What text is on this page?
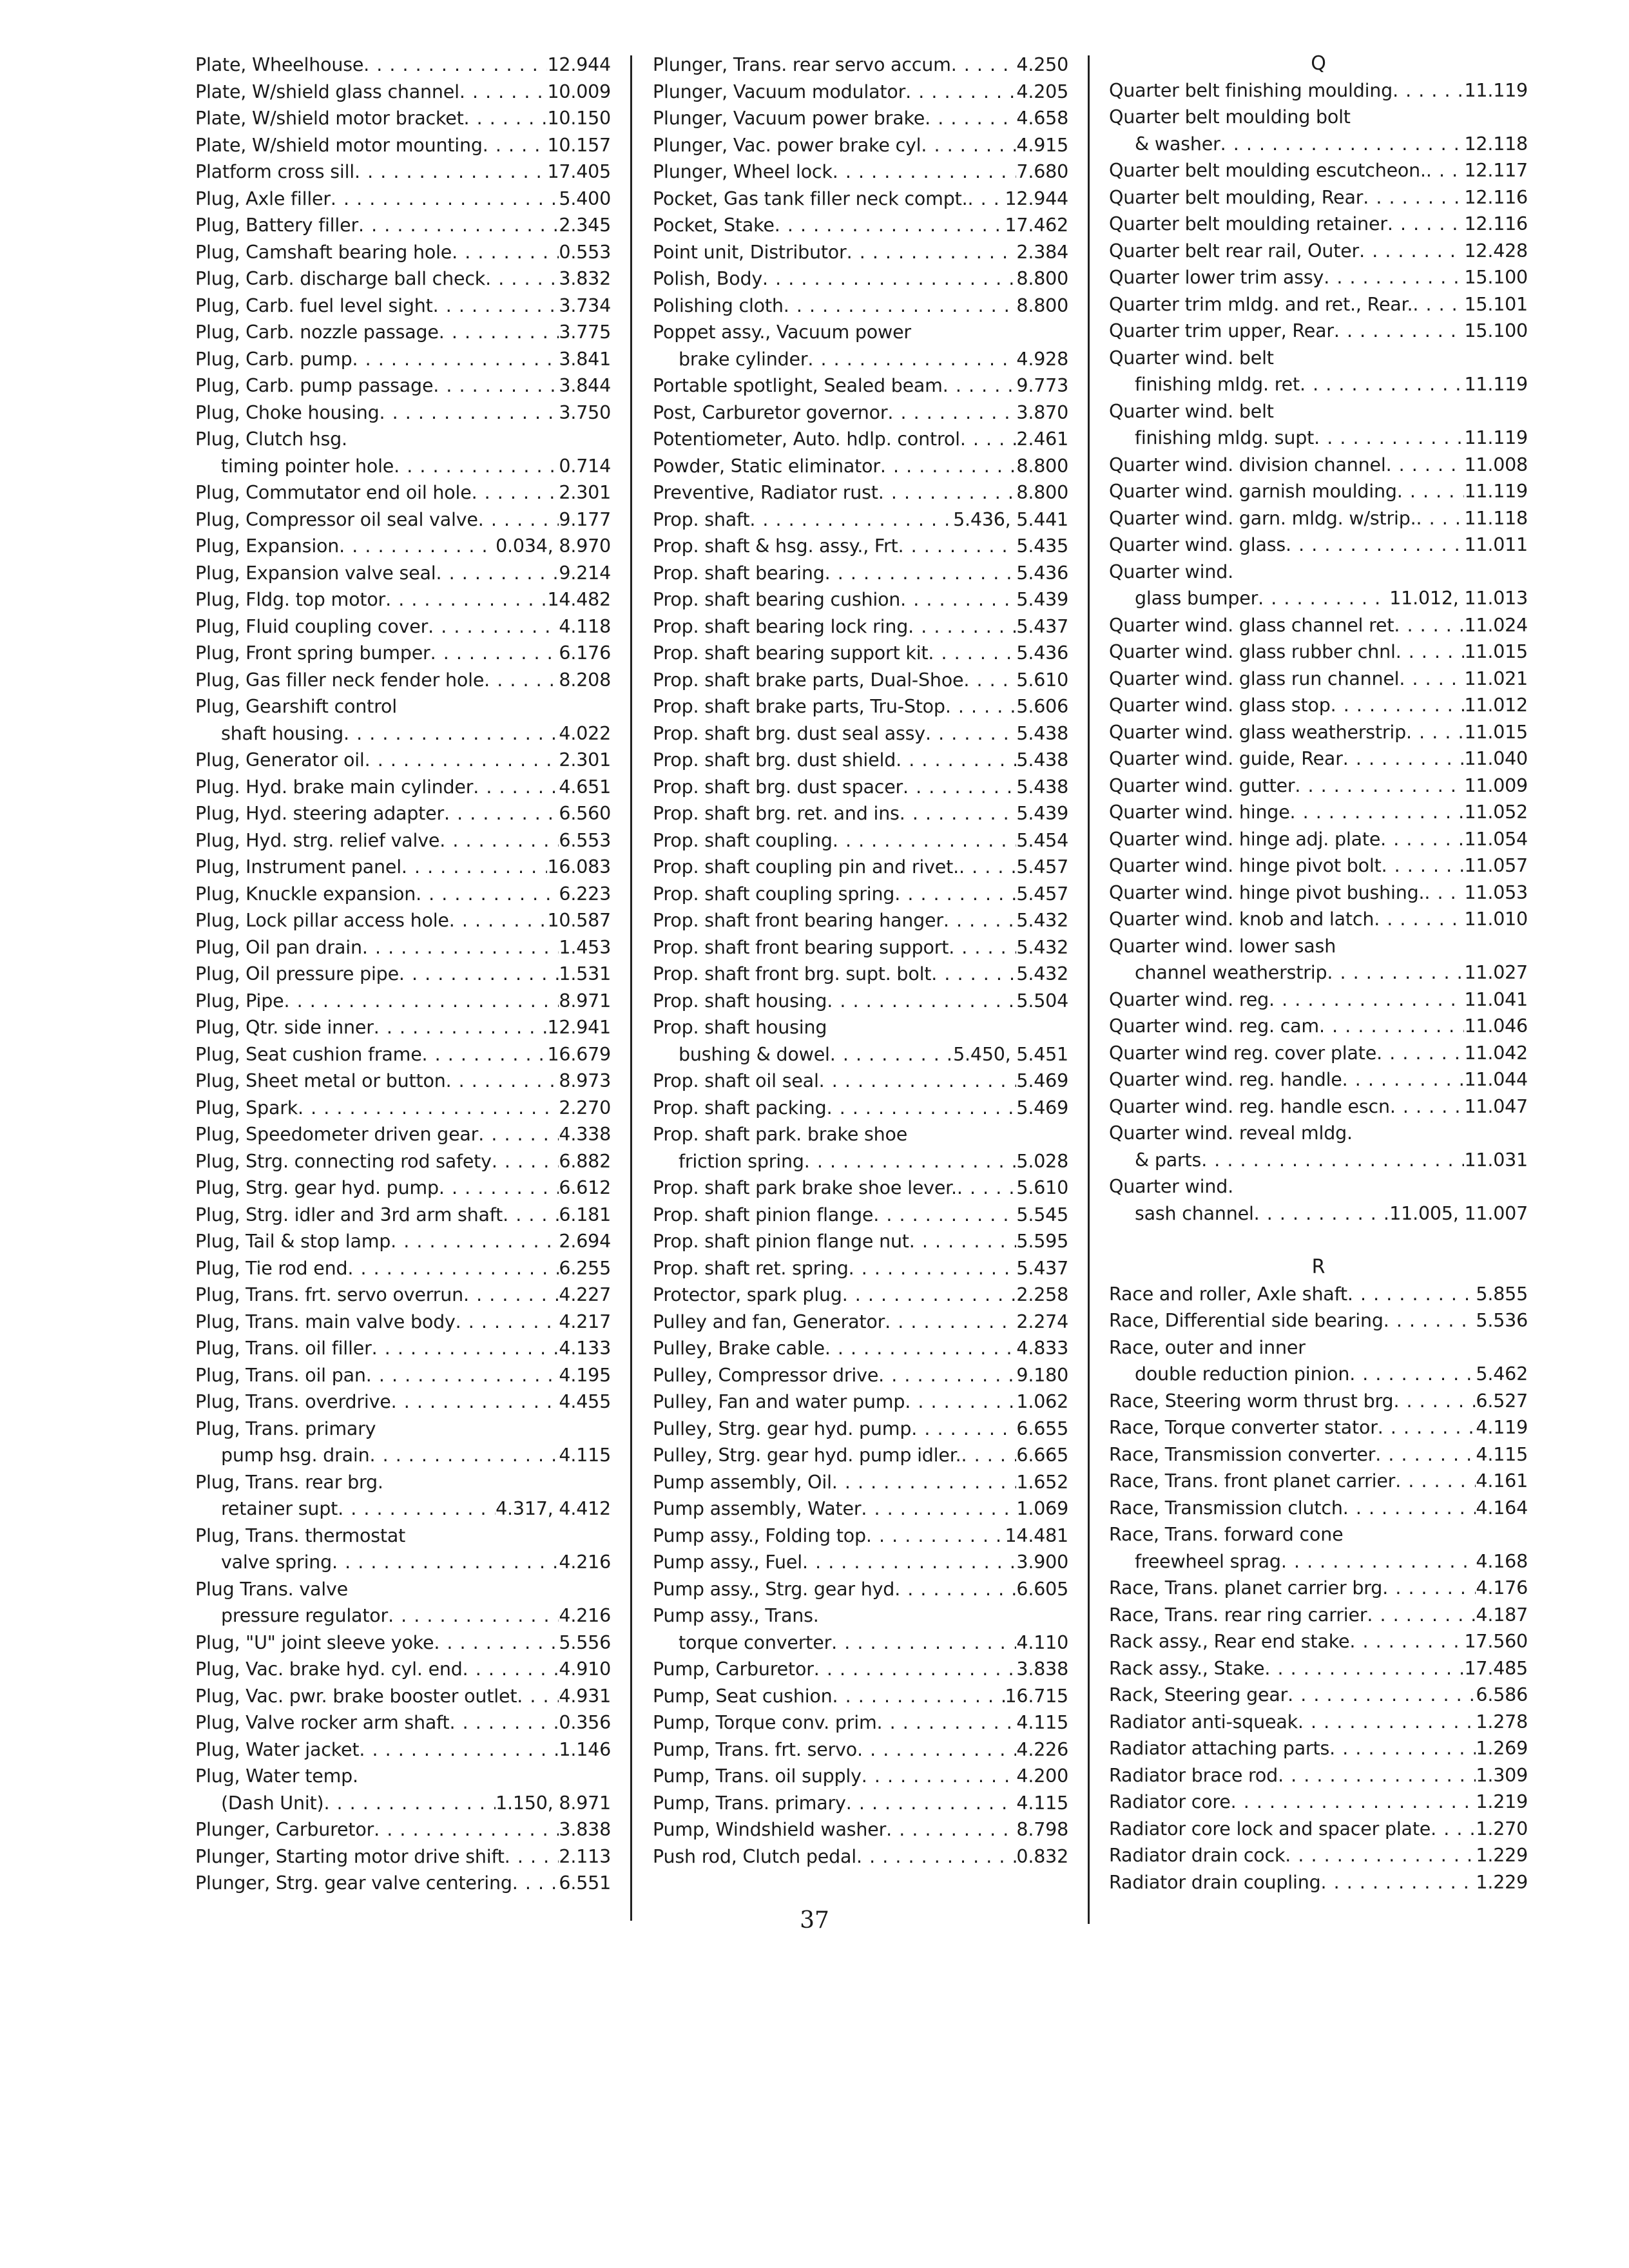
Plate, Wheelhouse . . .	12.944
Plate, W/shield glass channel . . .	10.009
Plate, W/shield motor bracket . . .	10.150
Plate, W/shield motor mounting . . .	10.157
Platform cross sill . . .	17.405
Plug, Axle filler . . .	5.400
Plug, Battery filler . . .	2.345
Plug, Camshaft bearing hole . . .	0.553
Plug, Carb. discharge ball check . . .	3.832
Plug, Carb. fuel level sight . . .	3.734
Plug, Carb. nozzle passage . . .	3.775
Plug, Carb. pump . . .	3.841
Plug, Carb. pump passage . . .	3.844
Plug, Choke housing . . .	3.750
Plug, Clutch hsg.
timing pointer hole . . .	0.714
Plug, Commutator end oil hole . . .	2.301
Plug, Compressor oil seal valve . . .	9.177
Plug, Expansion . . .	0.034, 8.970
Plug, Expansion valve seal . . .	9.214
Plug, Fldg. top motor . . .	14.482
Plug, Fluid coupling cover . . .	4.118
Plug, Front spring bumper . . .	6.176
Plug, Gas filler neck fender hole . . .	8.208
Plug, Gearshift control
shaft housing . . .	4.022
Plug, Generator oil . . .	2.301
Plug. Hyd. brake main cylinder . . .	4.651
Plug, Hyd. steering adapter . . .	6.560
Plug, Hyd. strg. relief valve . . .	6.553
Plug, Instrument panel . . .	16.083
Plug, Knuckle expansion . . .	6.223
Plug, Lock pillar access hole . . .	10.587
Plug, Oil pan drain . . .	1.453
Plug, Oil pressure pipe . . .	1.531
Plug, Pipe . . .	8.971
Plug, Qtr. side inner . . .	12.941
Plug, Seat cushion frame . . .	16.679
Plug, Sheet metal or button . . .	8.973
Plug, Spark . . .	2.270
Plug, Speedometer driven gear . . .	4.338
Plug, Strg. connecting rod safety . . .	6.882
Plug, Strg. gear hyd. pump . . .	6.612
Plug, Strg. idler and 3rd arm shaft . . .	6.181
Plug, Tail & stop lamp . . .	2.694
Plug, Tie rod end . . .	6.255
Plug, Trans. frt. servo overrun . . .	4.227
Plug, Trans. main valve body . . .	4.217
Plug, Trans. oil filler . . .	4.133
Plug, Trans. oil pan . . .	4.195
Plug, Trans. overdrive . . .	4.455
Plug, Trans. primary
pump hsg. drain . . .	4.115
Plug, Trans. rear brg.
retainer supt . . .	4.317, 4.412
Plug, Trans. thermostat
valve spring . . .	4.216
Plug Trans. valve
pressure regulator . . .	4.216
Plug, "U" joint sleeve yoke . . .	5.556
Plug, Vac. brake hyd. cyl. end . . .	4.910
Plug, Vac. pwr. brake booster outlet . . . 4.931
Plug, Valve rocker arm shaft . . .	0.356
Plug, Water jacket . . .	1.146
Plug, Water temp.
(Dash Unit) . . .	1.150, 8.971
Plunger, Carburetor . . .	3.838
Plunger, Starting motor drive shift . . .	2.113
Plunger, Strg. gear valve centering . . .	6.551
Plunger, Trans. rear servo accum . . .	4.250
Plunger, Vacuum modulator . . .	4.205
Plunger, Vacuum power brake . . .	4.658
Plunger, Vac. power brake cyl . . .	4.915
Plunger, Wheel lock . . .	7.680
Pocket, Gas tank filler neck compt. . . . 12.944
Pocket, Stake . . .	17.462
Point unit, Distributor . . .	2.384
Polish, Body . . .	8.800
Polishing cloth . . .	8.800
Poppet assy., Vacuum power
brake cylinder . . .	4.928
Portable spotlight, Sealed beam . . .	9.773
Post, Carburetor governor . . .	3.870
Potentiometer, Auto. hdlp. control . . .	2.461
Powder, Static eliminator . . .	8.800
Preventive, Radiator rust . . .	8.800
Prop. shaft . . .	5.436, 5.441
Prop. shaft & hsg. assy., Frt . . .	5.435
Prop. shaft bearing . . .	5.436
Prop. shaft bearing cushion . . .	5.439
Prop. shaft bearing lock ring . . .	5.437
Prop. shaft bearing support kit . . .	5.436
Prop. shaft brake parts, Dual-Shoe . . .	5.610
Prop. shaft brake parts, Tru-Stop . . .	5.606
Prop. shaft brg. dust seal assy . . .	5.438
Prop. shaft brg. dust shield . . .	5.438
Prop. shaft brg. dust spacer . . .	5.438
Prop. shaft brg. ret. and ins . . .	5.439
Prop. shaft coupling . . .	5.454
Prop. shaft coupling pin and rivet. . . .	5.457
Prop. shaft coupling spring . . .	5.457
Prop. shaft front bearing hanger . . .	5.432
Prop. shaft front bearing support . . .	5.432
Prop. shaft front brg. supt. bolt . . .	5.432
Prop. shaft housing . . .	5.504
Prop. shaft housing
bushing & dowel . . .	5.450, 5.451
Prop. shaft oil seal . . .	5.469
Prop. shaft packing . . .	5.469
Prop. shaft park. brake shoe
friction spring . . .	5.028
Prop. shaft park brake shoe lever. . . .	5.610
Prop. shaft pinion flange . . .	5.545
Prop. shaft pinion flange nut . . .	5.595
Prop. shaft ret. spring . . .	5.437
Protector, spark plug . . .	2.258
Pulley and fan, Generator . . .	2.274
Pulley, Brake cable . . .	4.833
Pulley, Compressor drive . . .	9.180
Pulley, Fan and water pump . . .	1.062
Pulley, Strg. gear hyd. pump . . .	6.655
Pulley, Strg. gear hyd. pump idler. . . .	6.665
Pump assembly, Oil . . .	1.652
Pump assembly, Water . . .	1.069
Pump assy., Folding top . . .	14.481
Pump assy., Fuel . . .	3.900
Pump assy., Strg. gear hyd . . .	6.605
Pump assy., Trans.
torque converter . . .	4.110
Pump, Carburetor . . .	3.838
Pump, Seat cushion . . .	16.715
Pump, Torque conv. prim . . .	4.115
Pump, Trans. frt. servo . . .	4.226
Pump, Trans. oil supply . . .	4.200
Pump, Trans. primary . . .	4.115
Pump, Windshield washer . . .	8.798
Push rod, Clutch pedal . . .	0.832
Q
Quarter belt finishing moulding . . .	11.119
Quarter belt moulding bolt
& washer . . .	12.118
Quarter belt moulding escutcheon. . . . 12.117
Quarter belt moulding, Rear . . .	12.116
Quarter belt moulding retainer . . .	12.116
Quarter belt rear rail, Outer . . .	12.428
Quarter lower trim assy . . .	15.100
Quarter trim mldg. and ret., Rear. . . .	15.101
Quarter trim upper, Rear . . .	15.100
Quarter wind. belt
finishing mldg. ret . . .	11.119
Quarter wind. belt
finishing mldg. supt . . .	11.119
Quarter wind. division channel . . .	11.008
Quarter wind. garnish moulding . . .	11.119
Quarter wind. garn. mldg. w/strip. . . .	11.118
Quarter wind. glass . . .	11.011
Quarter wind.
glass bumper . . .	11.012, 11.013
Quarter wind. glass channel ret . . .	11.024
Quarter wind. glass rubber chnl . . .	11.015
Quarter wind. glass run channel . . .	11.021
Quarter wind. glass stop . . .	11.012
Quarter wind. glass weatherstrip . . .	11.015
Quarter wind. guide, Rear . . .	11.040
Quarter wind. gutter . . .	11.009
Quarter wind. hinge . . .	11.052
Quarter wind. hinge adj. plate . . .	11.054
Quarter wind. hinge pivot bolt . . .	11.057
Quarter wind. hinge pivot bushing. . . . 11.053
Quarter wind. knob and latch . . .	11.010
Quarter wind. lower sash
channel weatherstrip . . .	11.027
Quarter wind. reg . . .	11.041
Quarter wind. reg. cam . . .	11.046
Quarter wind reg. cover plate . . .	11.042
Quarter wind. reg. handle . . .	11.044
Quarter wind. reg. handle escn . . .	11.047
Quarter wind. reveal mldg.
& parts . . .	11.031
Quarter wind.
sash channel . . .	11.005, 11.007
R
Race and roller, Axle shaft . . .	5.855
Race, Differential side bearing . . .	5.536
Race, outer and inner
double reduction pinion . . .	5.462
Race, Steering worm thrust brg . . .	6.527
Race, Torque converter stator . . .	4.119
Race, Transmission converter . . .	4.115
Race, Trans. front planet carrier . . .	4.161
Race, Transmission clutch . . .	4.164
Race, Trans. forward cone
freewheel sprag . . .	4.168
Race, Trans. planet carrier brg . . .	4.176
Race, Trans. rear ring carrier . . .	4.187
Rack assy., Rear end stake . . .	17.560
Rack assy., Stake . . .	17.485
Rack, Steering gear . . .	6.586
Radiator anti-squeak . . .	1.278
Radiator attaching parts . . .	1.269
Radiator brace rod . . .	1.309
Radiator core . . .	1.219
Radiator core lock and spacer plate . . . 1.270
Radiator drain cock . . .	1.229
Radiator drain coupling . . .	1.229
37
